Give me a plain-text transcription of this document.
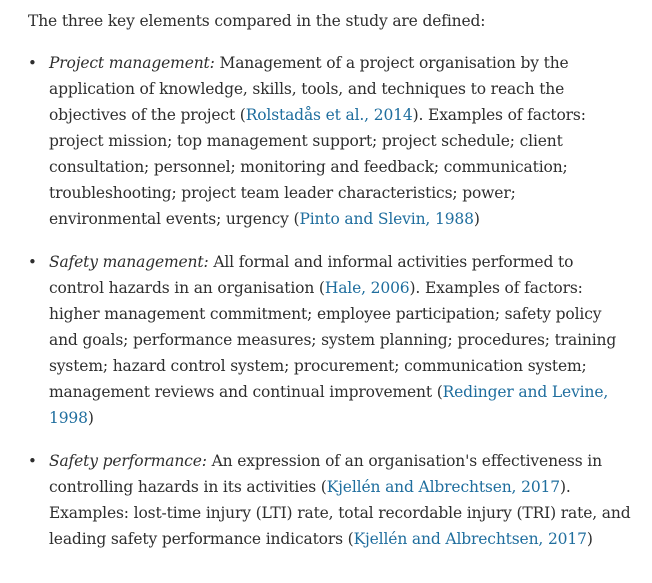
The three key elements compared in the study are defined:

• Project management: Management of a project organisation by the application of knowledge, skills, tools, and techniques to reach the objectives of the project (Rolstadås et al., 2014). Examples of factors: project mission; top management support; project schedule; client consultation; personnel; monitoring and feedback; communication; troubleshooting; project team leader characteristics; power; environmental events; urgency (Pinto and Slevin, 1988)
• Safety management: All formal and informal activities performed to control hazards in an organisation (Hale, 2006). Examples of factors: higher management commitment; employee participation; safety policy and goals; performance measures; system planning; procedures; training system; hazard control system; procurement; communication system; management reviews and continual improvement (Redinger and Levine, 1998)
• Safety performance: An expression of an organisation's effectiveness in controlling hazards in its activities (Kjellén and Albrechtsen, 2017). Examples: lost-time injury (LTI) rate, total recordable injury (TRI) rate, and leading safety performance indicators (Kjellén and Albrechtsen, 2017)
